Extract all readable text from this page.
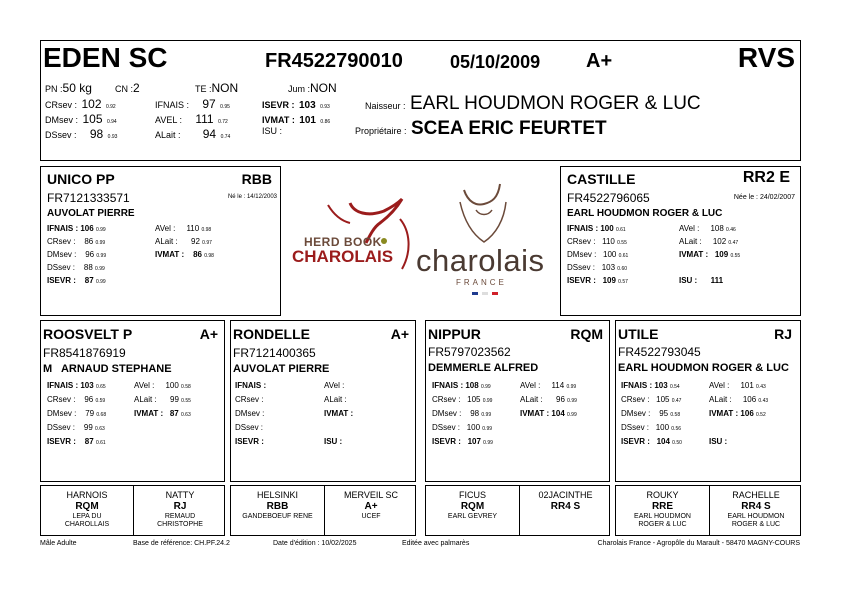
EDEN SC	FR4522790010	05/10/2009 A+	RVS
PN :50 kg	CN :2	TE :NON	Jum :NON
CRsev : 102 0.92
DMsev : 105 0.94
DSsev : 98 0.93
IFNAIS : 97 0.95
AVEL : 111 0.72
ALait : 94 0.74
ISEVR : 103 0.93
IVMAT : 101 0.86
ISU :
Naisseur : EARL HOUDMON ROGER & LUC
Propriétaire : SCEA ERIC FEURTET
UNICO PP	RBB
FR7121333571	Né le : 14/12/2003
AUVOLAT PIERRE
IFNAIS : 106 0.99
CRsev : 86 0.99
DMsev : 96 0.99
DSsev : 88 0.99
ISEVR : 87 0.99
AVel : 110 0.98
ALait : 92 0.97
IVMAT : 86 0.98
HERD BOOK
CHAROLAIS charolais
FRANCE
CASTILLE	RR2 E
FR4522796065	Née le : 24/02/2007
EARL HOUDMON ROGER & LUC
IFNAIS : 100 0.61
CRsev : 110 0.55
DMsev : 100 0.61
DSsev : 103 0.60
ISEVR : 109 0.57
AVel : 108 0.46
ALait : 102 0.47
IVMAT : 109 0.55
ISU : 111
ROOSVELT P	A+
FR8541876919
M ARNAUD STEPHANE
IFNAIS : 103 0.65
CRsev : 96 0.59
DMsev : 79 0.68
DSsev : 99 0.63
ISEVR : 87 0.61
AVel : 100 0.58
ALait : 99 0.55
IVMAT : 87 0.63
RONDELLE	A+
FR7121400365
AUVOLAT PIERRE
IFNAIS :
CRsev :
DMsev :
DSsev :
ISEVR :
AVel :
ALait :
IVMAT :
ISU :
NIPPUR	RQM
FR5797023562
DEMMERLE ALFRED
IFNAIS : 108 0.99
CRsev : 105 0.99
DMsev : 98 0.99
DSsev : 100 0.99
ISEVR : 107 0.99
AVel : 114 0.99
ALait : 96 0.99
IVMAT : 104 0.99
UTILE	RJ
FR4522793045
EARL HOUDMON ROGER & LUC
IFNAIS : 103 0.54
CRsev : 105 0.47
DMsev : 95 0.58
DSsev : 100 0.56
ISEVR : 104 0.50
AVel : 101 0.43
ALait : 106 0.43
IVMAT : 106 0.52
ISU :
HARNOIS
RQM
LEPA DU CHAROLLAIS
NATTY
RJ
REMAUD CHRISTOPHE
HELSINKI
RBB
GANDEBOEUF RENE
MERVEIL SC
A+
UCEF
FICUS
RQM
EARL GEVREY
02JACINTHE
RR4 S
ROUKY
RRE
EARL HOUDMON ROGER & LUC
RACHELLE
RR4 S
EARL HOUDMON ROGER & LUC
Mâle Adulte	Base de référence: CH.PF.24.2	Date d'édition : 10/02/2025	Editée avec palmarès	Charolais France - Agropôle du Marault - 58470 MAGNY-COURS
